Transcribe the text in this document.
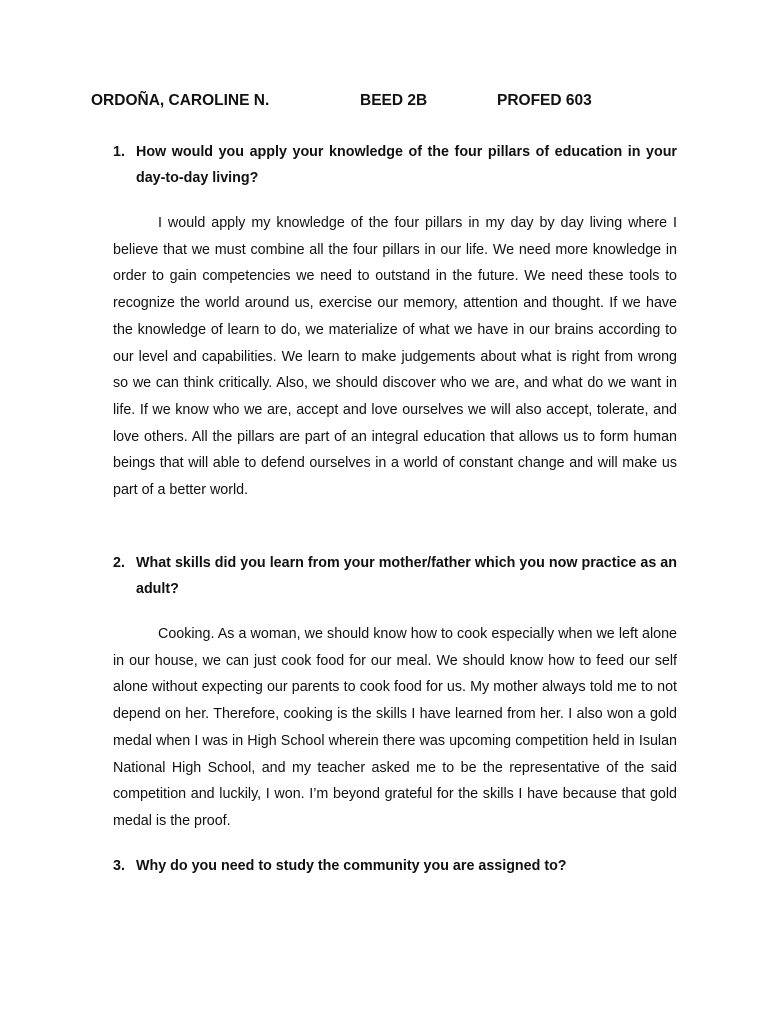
ORDOÑA, CAROLINE N.	BEED 2B	PROFED 603
1. How would you apply your knowledge of the four pillars of education in your day-to-day living?

I would apply my knowledge of the four pillars in my day by day living where I believe that we must combine all the four pillars in our life. We need more knowledge in order to gain competencies we need to outstand in the future. We need these tools to recognize the world around us, exercise our memory, attention and thought. If we have the knowledge of learn to do, we materialize of what we have in our brains according to our level and capabilities. We learn to make judgements about what is right from wrong so we can think critically. Also, we should discover who we are, and what do we want in life. If we know who we are, accept and love ourselves we will also accept, tolerate, and love others. All the pillars are part of an integral education that allows us to form human beings that will able to defend ourselves in a world of constant change and will make us part of a better world.

2. What skills did you learn from your mother/father which you now practice as an adult?

Cooking. As a woman, we should know how to cook especially when we left alone in our house, we can just cook food for our meal. We should know how to feed our self alone without expecting our parents to cook food for us. My mother always told me to not depend on her. Therefore, cooking is the skills I have learned from her. I also won a gold medal when I was in High School wherein there was upcoming competition held in Isulan National High School, and my teacher asked me to be the representative of the said competition and luckily, I won. I’m beyond grateful for the skills I have because that gold medal is the proof.

3. Why do you need to study the community you are assigned to?
